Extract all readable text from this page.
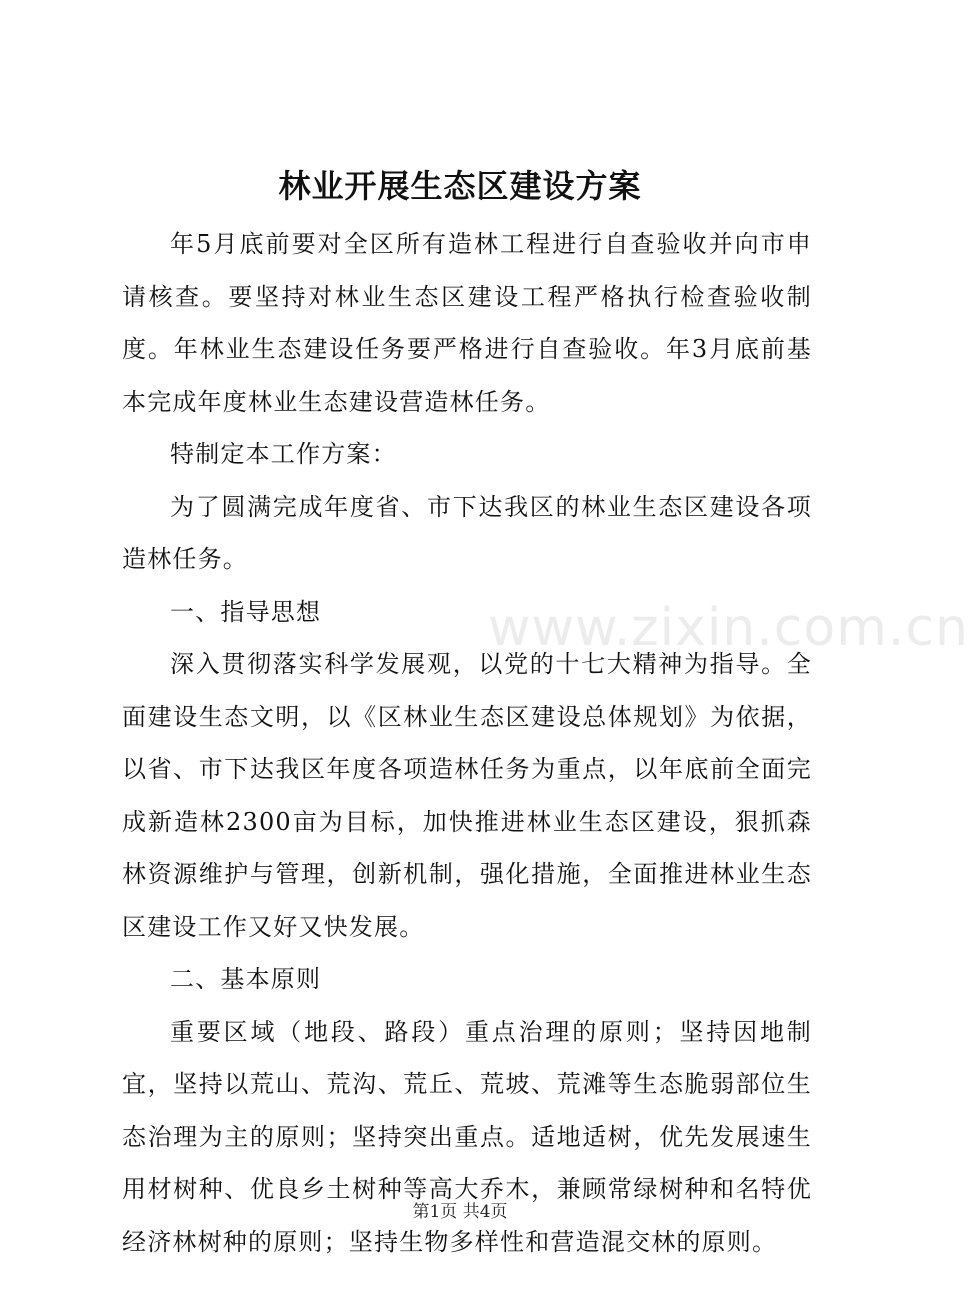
林业开展生态区建设方案

年5月底前要对全区所有造林工程进行自查验收并向市申请核查。要坚持对林业生态区建设工程严格执行检查验收制度。年林业生态建设任务要严格进行自查验收。年3月底前基本完成年度林业生态建设营造林任务。

特制定本工作方案：

为了圆满完成年度省、市下达我区的林业生态区建设各项造林任务。

一、指导思想

深入贯彻落实科学发展观，以党的十七大精神为指导。全面建设生态文明，以《区林业生态区建设总体规划》为依据，以省、市下达我区年度各项造林任务为重点，以年底前全面完成新造林2300亩为目标，加快推进林业生态区建设，狠抓森林资源维护与管理，创新机制，强化措施，全面推进林业生态区建设工作又好又快发展。

二、基本原则

重要区域（地段、路段）重点治理的原则；坚持因地制宜，坚持以荒山、荒沟、荒丘、荒坡、荒滩等生态脆弱部位生态治理为主的原则；坚持突出重点。适地适树，优先发展速生用材树种、优良乡土树种等高大乔木，兼顾常绿树种和名特优经济林树种的原则；坚持生物多样性和营造混交林的原则。

www.zixin.com.cn
第1页 共4页
